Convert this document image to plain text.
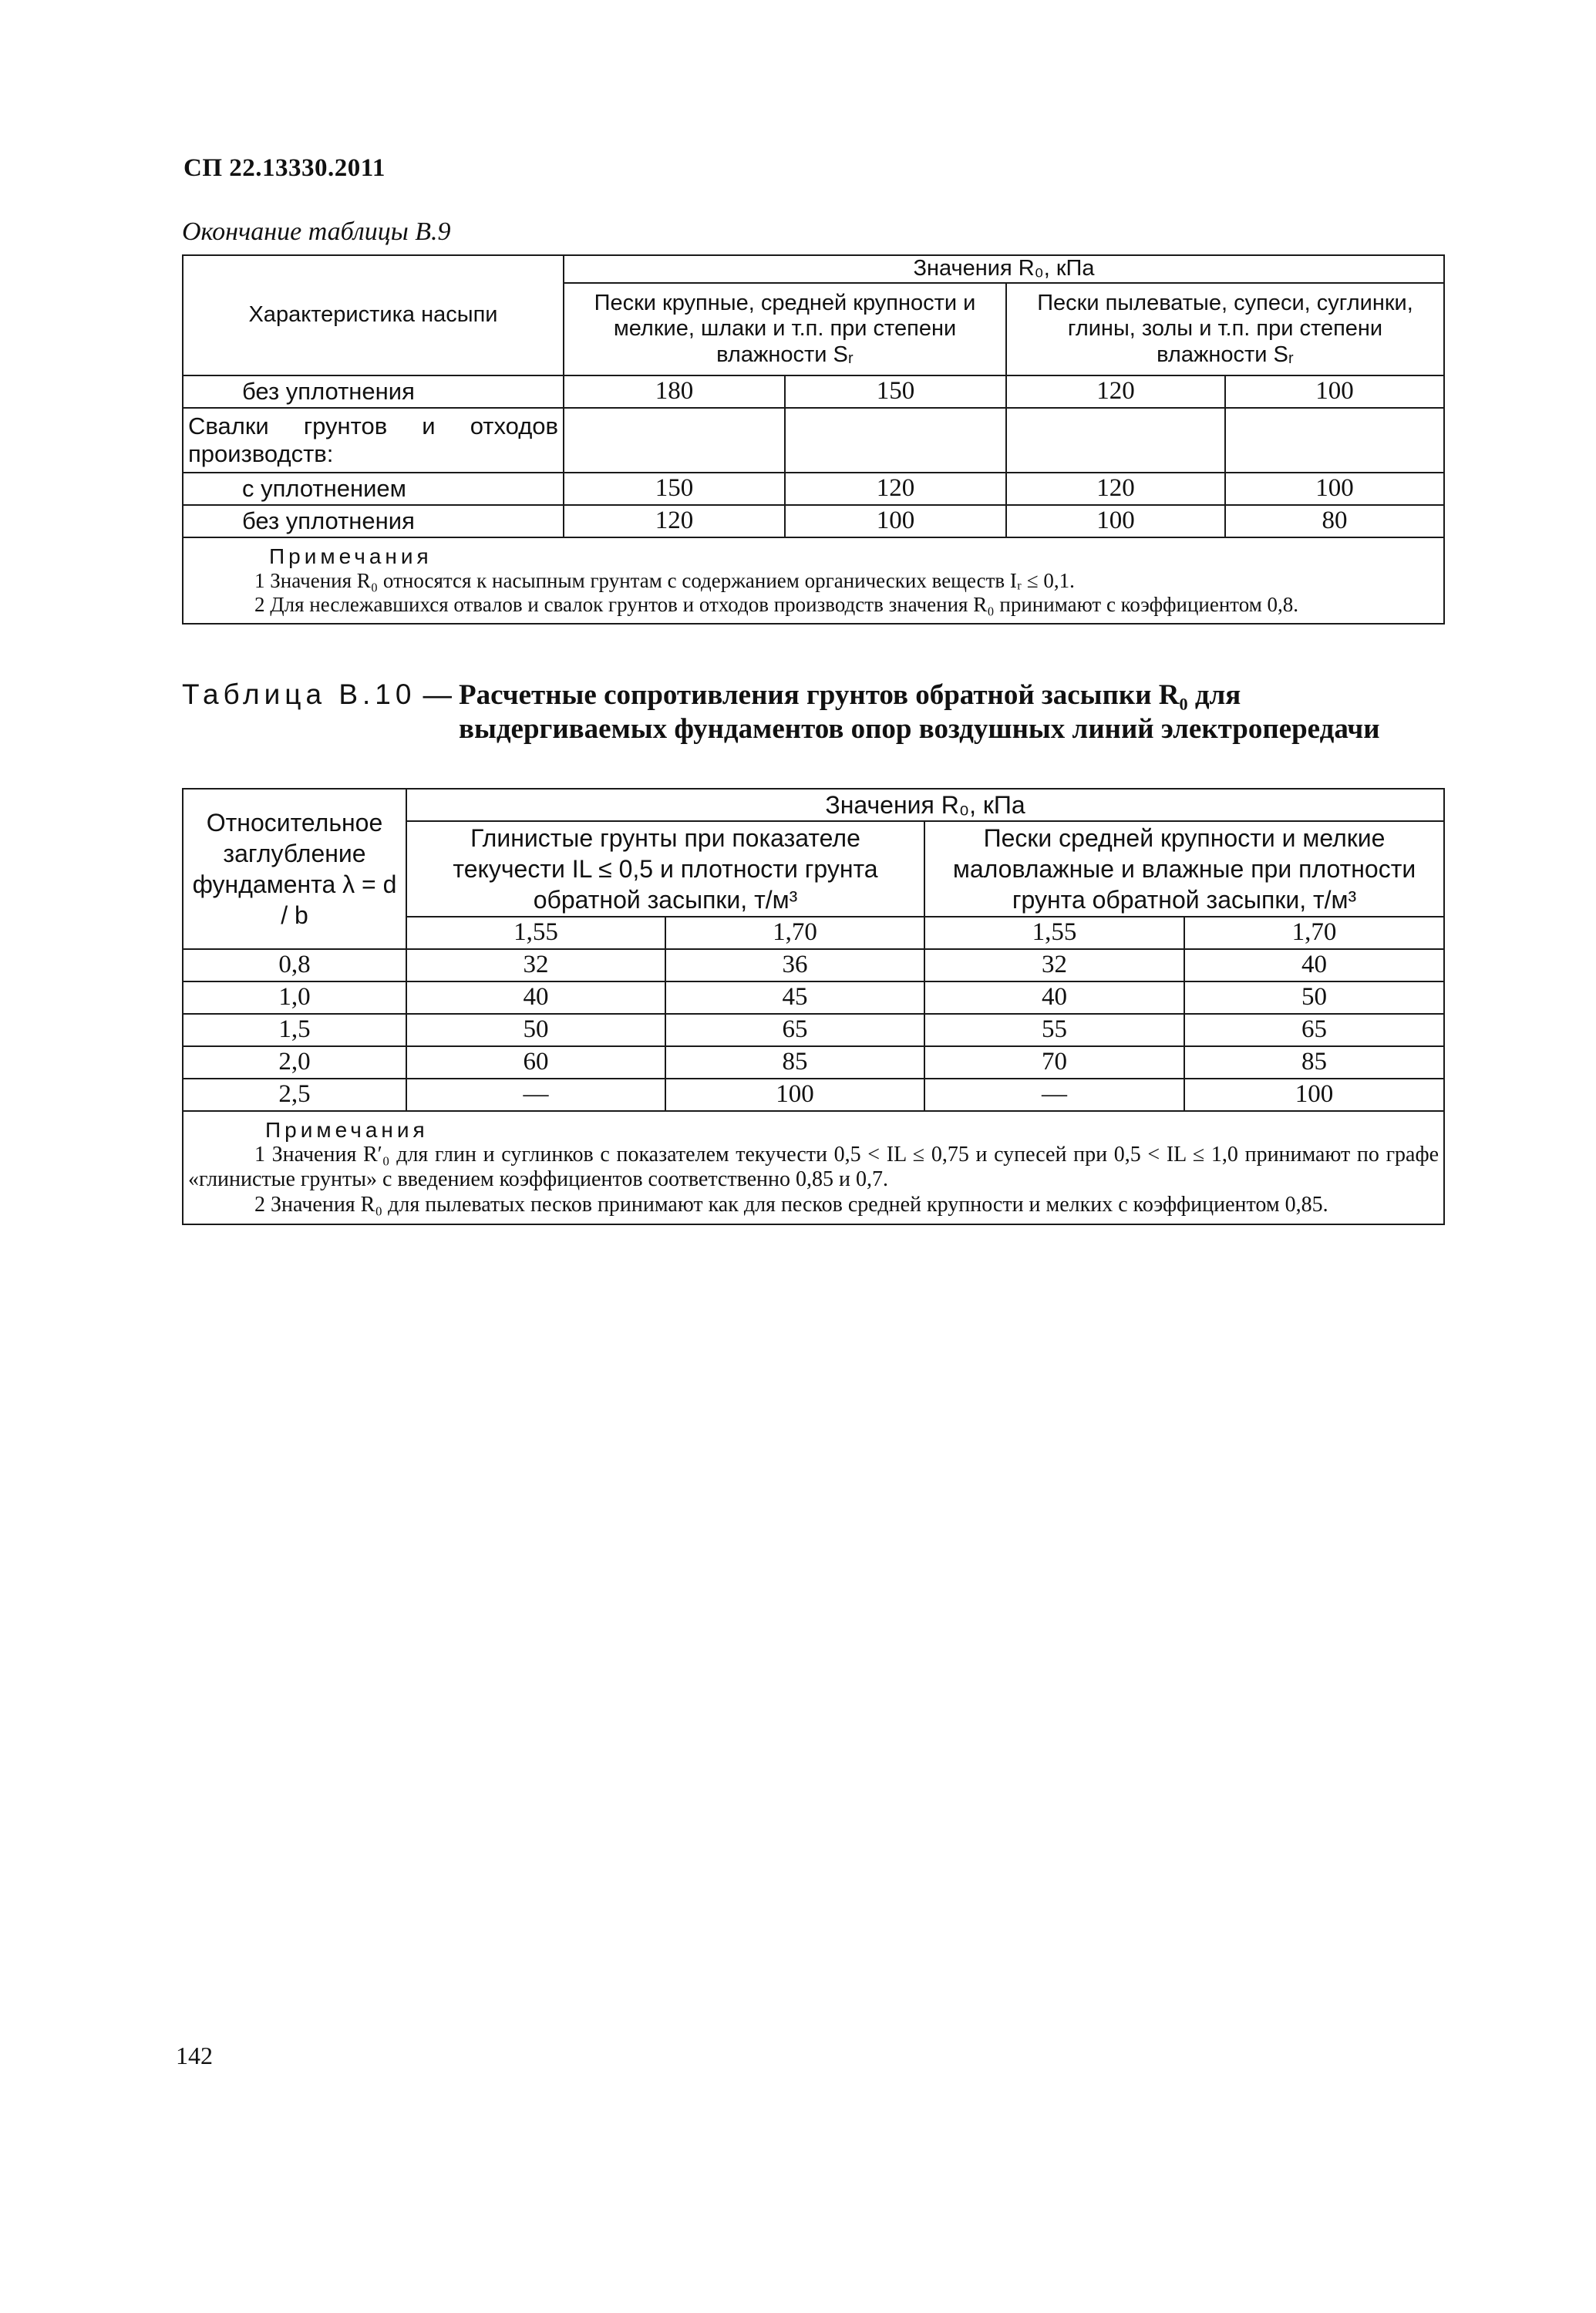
СП 22.13330.2011
Окончание таблицы В.9
Характеристика насыпи	Значения R₀, кПа			
	Пески крупные, средней крупности и мелкие, шлаки и т.п. при степени влажности Sᵣ		Пески пылеватые, супеси, суглинки, глины, золы и т.п. при степени влажности Sᵣ	
без уплотнения	180	150	120	100
Свалки грунтов и отходов производств:				
с уплотнением	150	120	120	100
без уплотнения	120	100	100	80

Примечания
1 Значения R₀ относятся к насыпным грунтам с содержанием органических веществ Iᵣ ≤ 0,1.
2 Для неслежавшихся отвалов и свалок грунтов и отходов производств значения R₀ принимают с коэффициентом 0,8.				
Таблица В.10 — Расчетные сопротивления грунтов обратной засыпки R₀ для выдергиваемых фундаментов опор воздушных линий электропередачи
Относительное заглубление фундамента λ = d / b	Значения R₀, кПа			
	Глинистые грунты при показателе текучести IL ≤ 0,5 и плотности грунта обратной засыпки, т/м³		Пески средней крупности и мелкие маловлажные и влажные при плотности грунта обратной засыпки, т/м³	
	1,55	1,70	1,55	1,70
0,8	32	36	32	40
1,0	40	45	40	50
1,5	50	65	55	65
2,0	60	85	70	85
2,5	—	100	—	100

Примечания
1 Значения R′₀ для глин и суглинков с показателем текучести 0,5 < IL ≤ 0,75 и супесей при 0,5 < IL ≤ 1,0 принимают по графе «глинистые грунты» с введением коэффициентов соответственно 0,85 и 0,7.
2 Значения R₀ для пылеватых песков принимают как для песков средней крупности и мелких с коэффициентом 0,85.				
142
